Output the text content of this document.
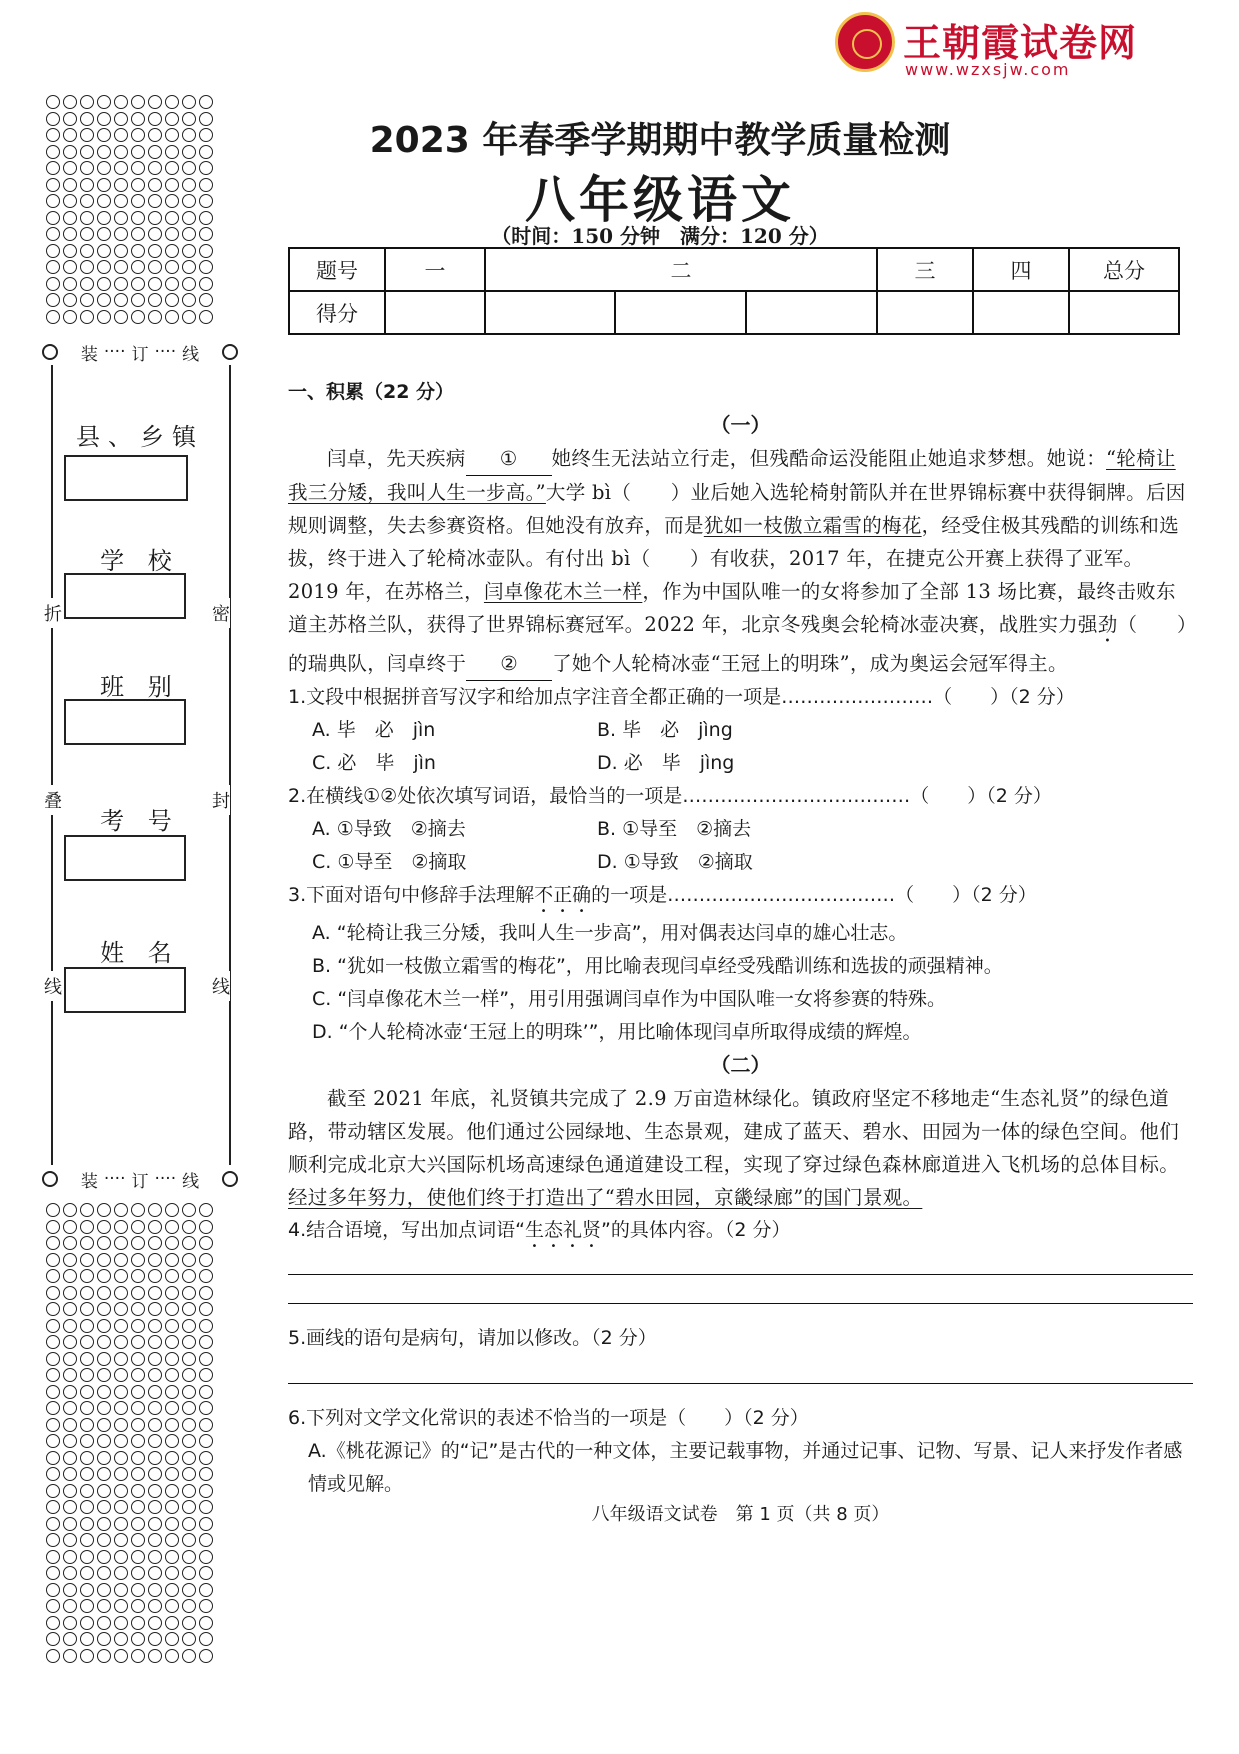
王朝霞试卷网
www.wzxsjw.com
装 ···· 订 ···· 线
折	密
叠	封
线	线
县、乡镇
学 校
班 别
考 号
姓 名
装 ···· 订 ···· 线
2023 年春季学期期中教学质量检测
八年级语文
（时间：150 分钟　满分：120 分）
题号	一	二			三	四	总分
得分							

一、积累（22 分）

（一）

闫卓，先天疾病 ① 她终生无法站立行走，但残酷命运没能阻止她追求梦想。她说：“轮椅让我三分矮，我叫人生一步高。”大学 bì（　　）业后她入选轮椅射箭队并在世界锦标赛中获得铜牌。后因规则调整，失去参赛资格。但她没有放弃，而是犹如一枝傲立霜雪的梅花，经受住极其残酷的训练和选拔，终于进入了轮椅冰壶队。有付出 bì（　　）有收获，2017 年，在捷克公开赛上获得了亚军。2019 年，在苏格兰，闫卓像花木兰一样，作为中国队唯一的女将参加了全部 13 场比赛，最终击败东道主苏格兰队，获得了世界锦标赛冠军。2022 年，北京冬残奥会轮椅冰壶决赛，战胜实力强劲（　　）的瑞典队，闫卓终于 ② 了她个人轮椅冰壶“王冠上的明珠”，成为奥运会冠军得主。

1.文段中根据拼音写汉字和给加点字注音全都正确的一项是……………………（　　）（2 分）

A. 毕　必　jìn	B. 毕　必　jìng
C. 必　毕　jìn	D. 必　毕　jìng

2.在横线①②处依次填写词语，最恰当的一项是………………………………（　　）（2 分）

A. ①导致　②摘去	B. ①导至　②摘去
C. ①导至　②摘取	D. ①导致　②摘取

3.下面对语句中修辞手法理解不正确的一项是………………………………（　　）（2 分）

A. “轮椅让我三分矮，我叫人生一步高”，用对偶表达闫卓的雄心壮志。

B. “犹如一枝傲立霜雪的梅花”，用比喻表现闫卓经受残酷训练和选拔的顽强精神。

C. “闫卓像花木兰一样”，用引用强调闫卓作为中国队唯一女将参赛的特殊。

D. “个人轮椅冰壶‘王冠上的明珠’”，用比喻体现闫卓所取得成绩的辉煌。

（二）

截至 2021 年底，礼贤镇共完成了 2.9 万亩造林绿化。镇政府坚定不移地走“生态礼贤”的绿色道路，带动辖区发展。他们通过公园绿地、生态景观，建成了蓝天、碧水、田园为一体的绿色空间。他们顺利完成北京大兴国际机场高速绿色通道建设工程，实现了穿过绿色森林廊道进入飞机场的总体目标。经过多年努力，使他们终于打造出了“碧水田园，京畿绿廊”的国门景观。

4.结合语境，写出加点词语“生态礼贤”的具体内容。（2 分）

5.画线的语句是病句，请加以修改。（2 分）

6.下列对文学文化常识的表述不恰当的一项是（　　）（2 分）

A.《桃花源记》的“记”是古代的一种文体，主要记载事物，并通过记事、记物、写景、记人来抒发作者感情或见解。

八年级语文试卷　第 1 页（共 8 页）
